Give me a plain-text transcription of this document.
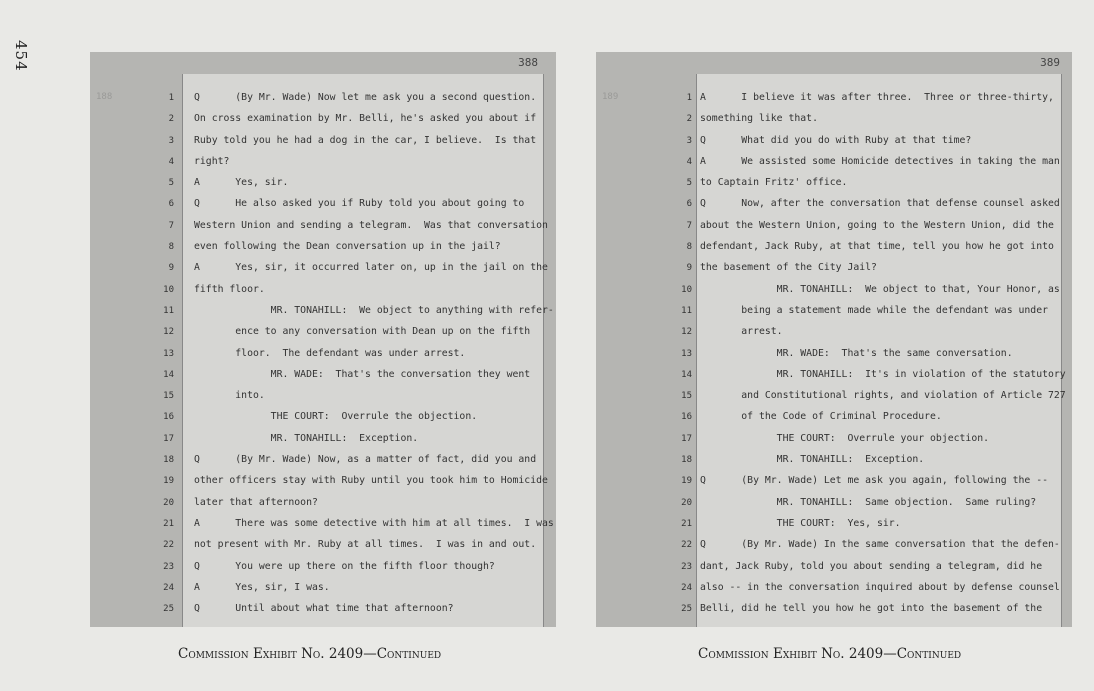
454
188
388
1 Q      (By Mr. Wade) Now let me ask you a second question.
2 On cross examination by Mr. Belli, he's asked you about if
3 Ruby told you he had a dog in the car, I believe.  Is that
4 right?
5 A      Yes, sir.
6 Q      He also asked you if Ruby told you about going to
7 Western Union and sending a telegram.  Was that conversation
8 even following the Dean conversation up in the jail?
9 A      Yes, sir, it occurred later on, up in the jail on the
10 fifth floor.
11 MR. TONAHILL:  We object to anything with refer-
12 ence to any conversation with Dean up on the fifth
13 floor.  The defendant was under arrest.
14 MR. WADE:  That's the conversation they went
15 into.
16 THE COURT:  Overrule the objection.
17 MR. TONAHILL:  Exception.
18 Q      (By Mr. Wade) Now, as a matter of fact, did you and
19 other officers stay with Ruby until you took him to Homicide
20 later that afternoon?
21 A      There was some detective with him at all times.  I was
22 not present with Mr. Ruby at all times.  I was in and out.
23 Q      You were up there on the fifth floor though?
24 A      Yes, sir, I was.
25 Q      Until about what time that afternoon?
189
389
1 A      I believe it was after three.  Three or three-thirty,
2 something like that.
3 Q      What did you do with Ruby at that time?
4 A      We assisted some Homicide detectives in taking the man
5 to Captain Fritz' office.
6 Q      Now, after the conversation that defense counsel asked
7 about the Western Union, going to the Western Union, did the
8 defendant, Jack Ruby, at that time, tell you how he got into
9 the basement of the City Jail?
10 MR. TONAHILL:  We object to that, Your Honor, as
11 being a statement made while the defendant was under
12 arrest.
13 MR. WADE:  That's the same conversation.
14 MR. TONAHILL:  It's in violation of the statutory
15 and Constitutional rights, and violation of Article 727
16 of the Code of Criminal Procedure.
17 THE COURT:  Overrule your objection.
18 MR. TONAHILL:  Exception.
19 Q      (By Mr. Wade) Let me ask you again, following the --
20 MR. TONAHILL:  Same objection.  Same ruling?
21 THE COURT:  Yes, sir.
22 Q      (By Mr. Wade) In the same conversation that the defen-
23 dant, Jack Ruby, told you about sending a telegram, did he
24 also -- in the conversation inquired about by defense counsel
25 Belli, did he tell you how he got into the basement of the
Commission Exhibit No. 2409—Continued	Commission Exhibit No. 2409—Continued
